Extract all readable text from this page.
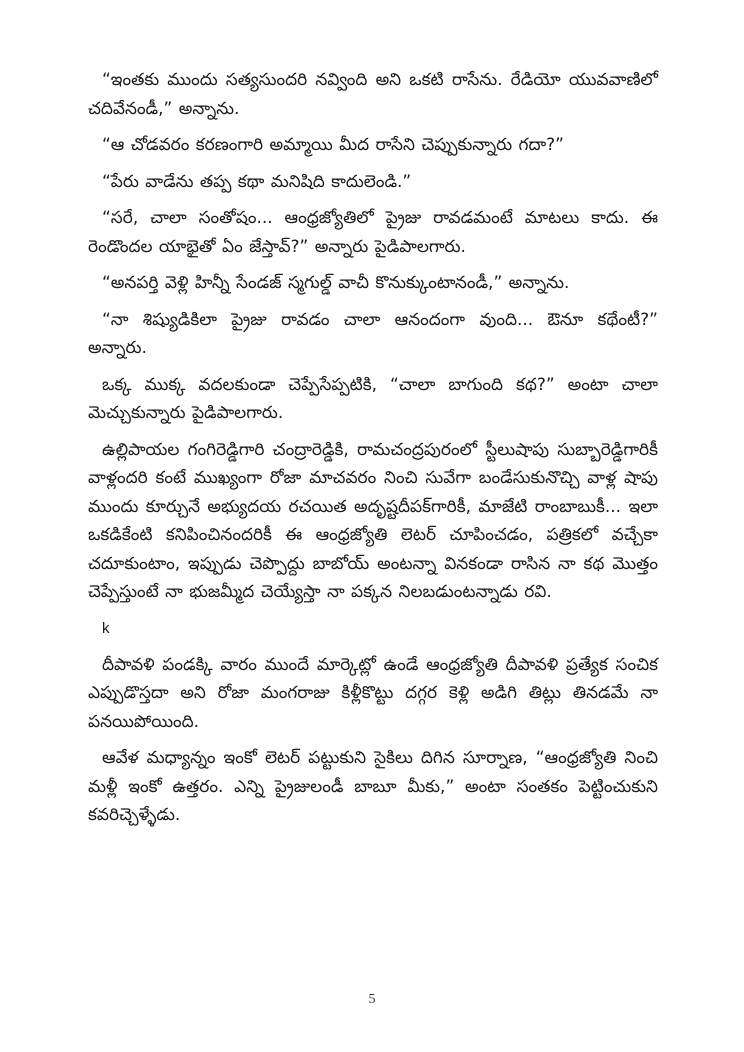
“ఇంతకు ముందు సత్యసుందరి నవ్వింది అని ఒకటి రాసేను. రేడియో యువవాణిలో చదివేనండీ,” అన్నాను.

“ఆ చోడవరం కరణంగారి అమ్మాయి మీద రాసేని చెప్పుకున్నారు గదా?”

“పేరు వాడేను తప్ప కథా మనిషిది కాదులెండి.”

“సరే, చాలా సంతోషం... ఆంధ్రజ్యోతిలో ప్రైజు రావడమంటే మాటలు కాదు. ఈ రెండొందల యాభైతో ఏం జేస్తావ్?” అన్నారు పైడిపాలగారు.

“అనపర్తి వెళ్లి హిన్నీ సేండజ్ స్మగుల్డ్ వాచీ కొనుక్కుంటానండీ,” అన్నాను.

“నా శిష్యుడికిలా ప్రైజు రావడం చాలా ఆనందంగా వుంది... ఔనూ కథేంటీ?” అన్నారు.

ఒక్క ముక్క వదలకుండా చెప్పేసేప్పటికి, “చాలా బాగుంది కథ?” అంటా చాలా మెచ్చుకున్నారు పైడిపాలగారు.

ఉల్లిపాయల గంగిరెడ్డిగారి చంద్రారెడ్డికి, రామచంద్రపురంలో స్టీలుషాపు సుబ్బారెడ్డిగారికీ వాళ్లందరి కంటే ముఖ్యంగా రోజా మాచవరం నించి సువేగా బండేసుకునొచ్చి వాళ్ల షాపు ముందు కూర్చునే అభ్యుదయ రచయిత అదృష్టదీపక్‌గారికీ, మాజేటి రాంబాబుకీ... ఇలా ఒకడికేంటి కనిపించినందరికీ ఈ ఆంధ్రజ్యోతి లెటర్ చూపించడం, పత్రికలో వచ్చేకా చదూకుంటాం, ఇప్పుడు చెప్పొద్దు బాబోయ్ అంటన్నా వినకండా రాసిన నా కథ మొత్తం చెప్పేస్తుంటే నా భుజమ్మీద చెయ్యేస్తా నా పక్కన నిలబడుంటన్నాడు రవి.

k

దీపావళి పండక్కి వారం ముందే మార్కెట్లో ఉండే ఆంధ్రజ్యోతి దీపావళి ప్రత్యేక సంచిక ఎప్పుడొస్తదా అని రోజా మంగరాజు కిళ్లీకొట్టు దగ్గర కెళ్లి అడిగి తిట్లు తినడమే నా పనయిపోయింది.

ఆవేళ మధ్యాన్నం ఇంకో లెటర్ పట్టుకుని సైకిలు దిగిన సూర్నాణ, “ఆంధ్రజ్యోతి నించి మళ్లీ ఇంకో ఉత్తరం. ఎన్ని ప్రైజులండీ బాబూ మీకు,” అంటా సంతకం పెట్టించుకుని కవరిచ్చెళ్ళేడు.

5
